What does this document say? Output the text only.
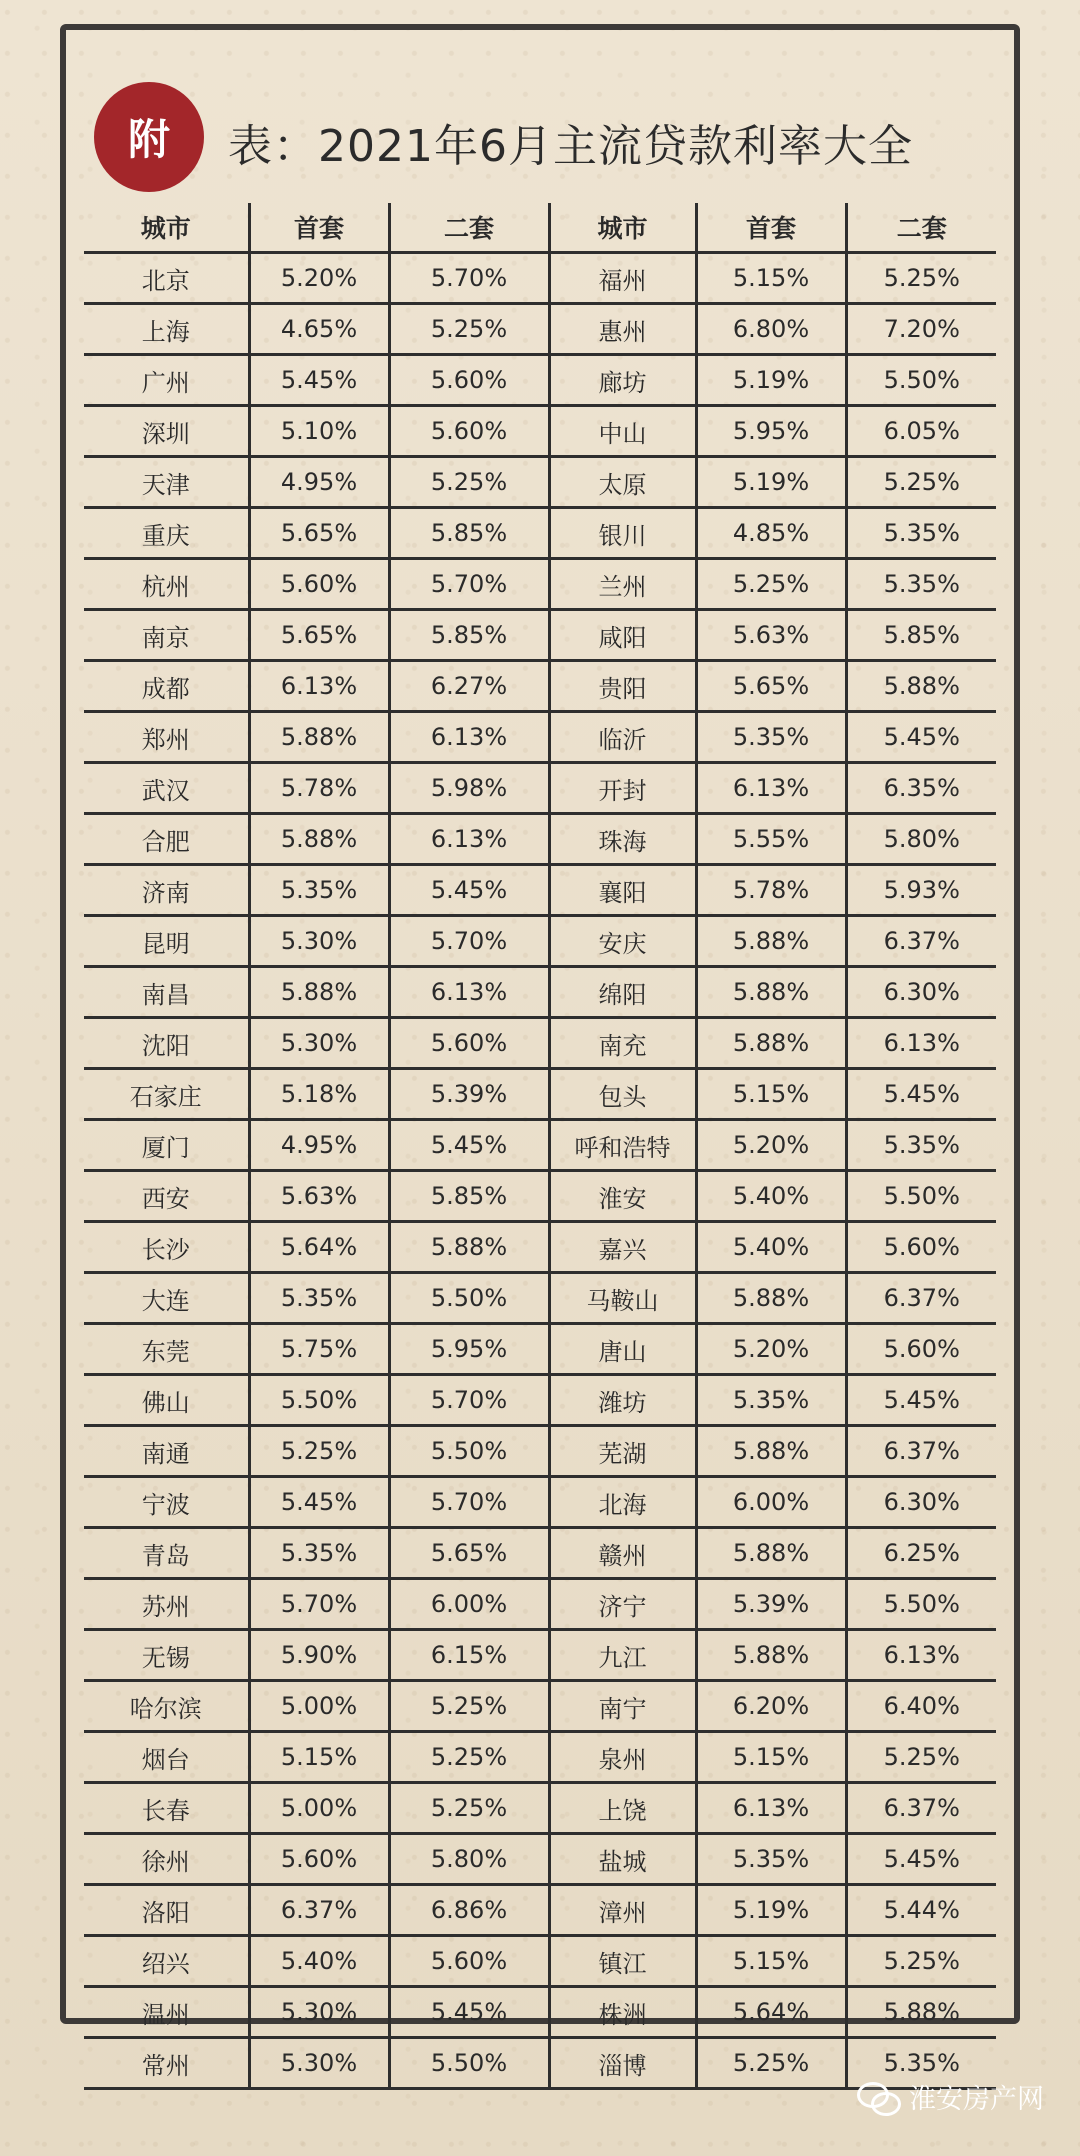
附	表：2021年6月主流贷款利率大全
城市	首套	二套	城市	首套	二套
北京	5.20%	5.70%	福州	5.15%	5.25%
上海	4.65%	5.25%	惠州	6.80%	7.20%
广州	5.45%	5.60%	廊坊	5.19%	5.50%
深圳	5.10%	5.60%	中山	5.95%	6.05%
天津	4.95%	5.25%	太原	5.19%	5.25%
重庆	5.65%	5.85%	银川	4.85%	5.35%
杭州	5.60%	5.70%	兰州	5.25%	5.35%
南京	5.65%	5.85%	咸阳	5.63%	5.85%
成都	6.13%	6.27%	贵阳	5.65%	5.88%
郑州	5.88%	6.13%	临沂	5.35%	5.45%
武汉	5.78%	5.98%	开封	6.13%	6.35%
合肥	5.88%	6.13%	珠海	5.55%	5.80%
济南	5.35%	5.45%	襄阳	5.78%	5.93%
昆明	5.30%	5.70%	安庆	5.88%	6.37%
南昌	5.88%	6.13%	绵阳	5.88%	6.30%
沈阳	5.30%	5.60%	南充	5.88%	6.13%
石家庄	5.18%	5.39%	包头	5.15%	5.45%
厦门	4.95%	5.45%	呼和浩特	5.20%	5.35%
西安	5.63%	5.85%	淮安	5.40%	5.50%
长沙	5.64%	5.88%	嘉兴	5.40%	5.60%
大连	5.35%	5.50%	马鞍山	5.88%	6.37%
东莞	5.75%	5.95%	唐山	5.20%	5.60%
佛山	5.50%	5.70%	潍坊	5.35%	5.45%
南通	5.25%	5.50%	芜湖	5.88%	6.37%
宁波	5.45%	5.70%	北海	6.00%	6.30%
青岛	5.35%	5.65%	赣州	5.88%	6.25%
苏州	5.70%	6.00%	济宁	5.39%	5.50%
无锡	5.90%	6.15%	九江	5.88%	6.13%
哈尔滨	5.00%	5.25%	南宁	6.20%	6.40%
烟台	5.15%	5.25%	泉州	5.15%	5.25%
长春	5.00%	5.25%	上饶	6.13%	6.37%
徐州	5.60%	5.80%	盐城	5.35%	5.45%
洛阳	6.37%	6.86%	漳州	5.19%	5.44%
绍兴	5.40%	5.60%	镇江	5.15%	5.25%
温州	5.30%	5.45%	株洲	5.64%	5.88%
常州	5.30%	5.50%	淄博	5.25%	5.35%
淮安房产网
